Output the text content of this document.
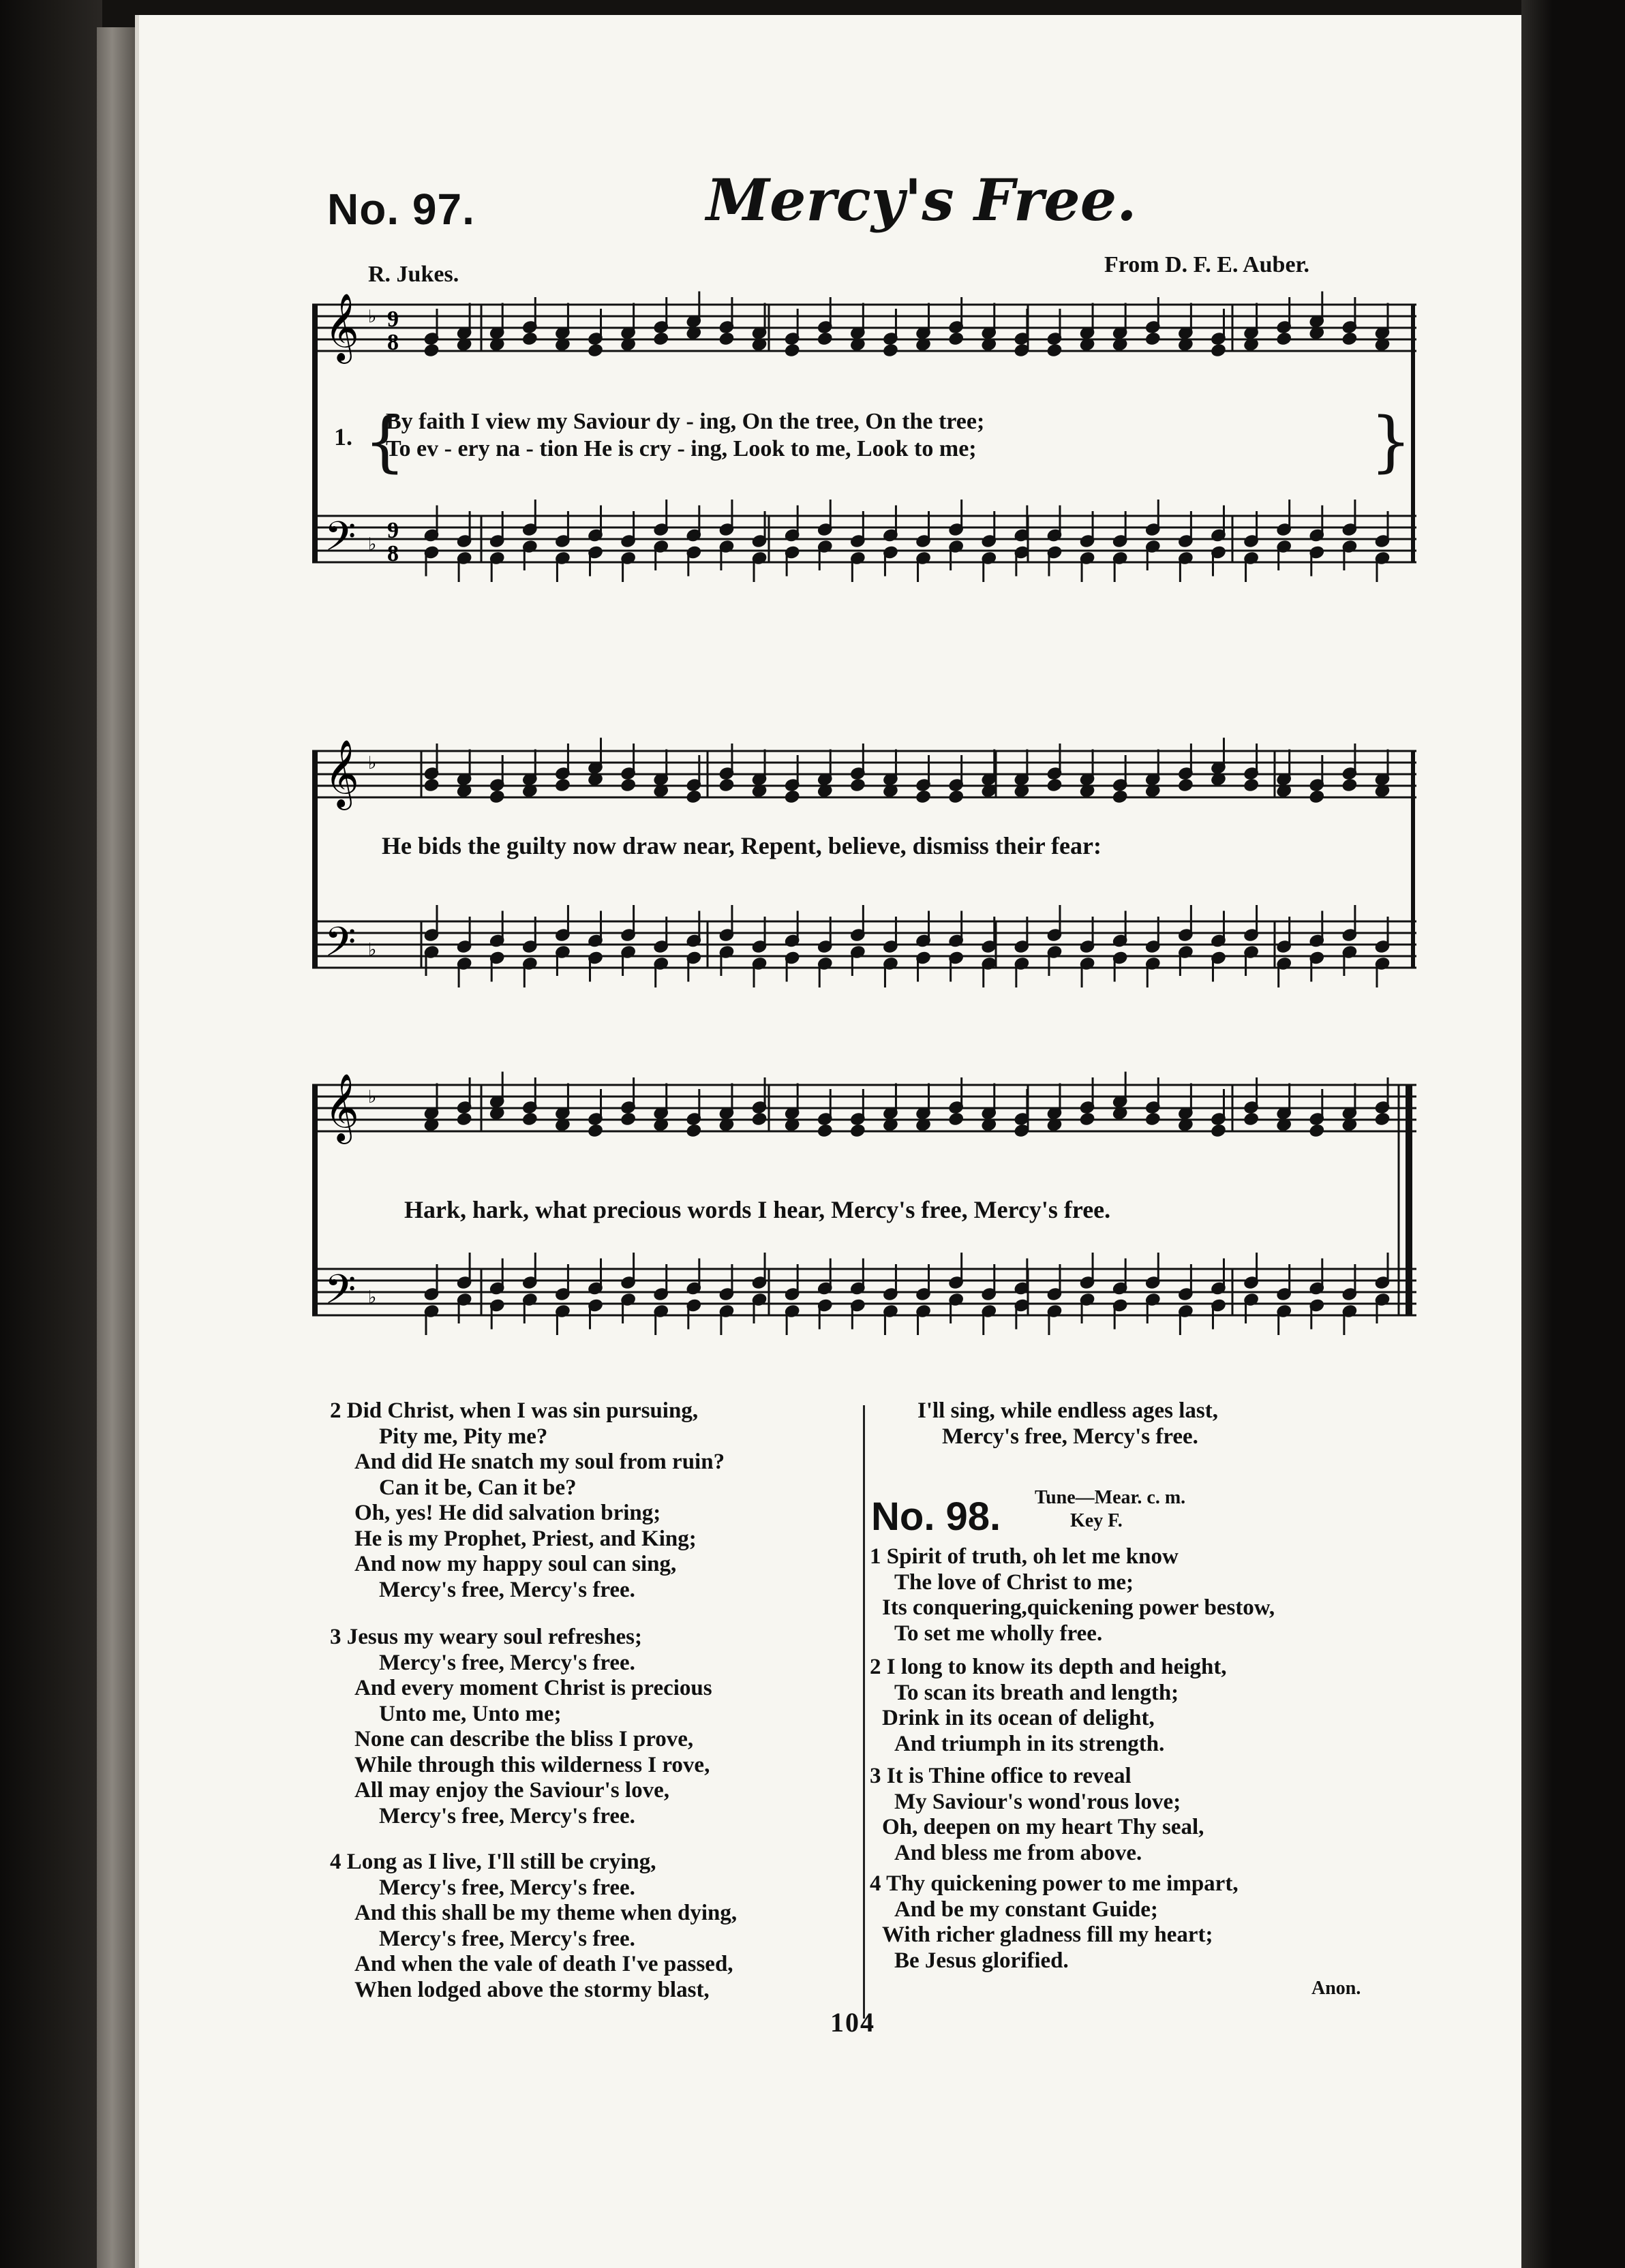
No. 97.	Mercy's Free.
R. Jukes.	From D. F. E. Auber.
𝄞
𝄢
♭
♭
9
8
9
8
1. {
By faith I view my Saviour dy - ing, On the tree, On the tree;
To ev - ery na - tion He is cry - ing, Look to me, Look to me;	}
𝄞
𝄢
♭
♭
He bids the guilty now draw near, Repent, believe, dismiss their fear:
𝄞
𝄢
♭
♭
Hark, hark, what precious words I hear, Mercy's free, Mercy's free.
2 Did Christ, when I was sin pursuing,
Pity me, Pity me?
And did He snatch my soul from ruin?
Can it be, Can it be?
Oh, yes! He did salvation bring;
He is my Prophet, Priest, and King;
And now my happy soul can sing,
Mercy's free, Mercy's free.
3 Jesus my weary soul refreshes;
Mercy's free, Mercy's free.
And every moment Christ is precious
Unto me, Unto me;
None can describe the bliss I prove,
While through this wilderness I rove,
All may enjoy the Saviour's love,
Mercy's free, Mercy's free.
4 Long as I live, I'll still be crying,
Mercy's free, Mercy's free.
And this shall be my theme when dying,
Mercy's free, Mercy's free.
And when the vale of death I've passed,
When lodged above the stormy blast,
I'll sing, while endless ages last,
Mercy's free, Mercy's free.
Tune—Mear. c. m.
Key F.
No. 98.
1 Spirit of truth, oh let me know
The love of Christ to me;
Its conquering,quickening power bestow,
To set me wholly free.
2 I long to know its depth and height,
To scan its breath and length;
Drink in its ocean of delight,
And triumph in its strength.
3 It is Thine office to reveal
My Saviour's wond'rous love;
Oh, deepen on my heart Thy seal,
And bless me from above.
4 Thy quickening power to me impart,
And be my constant Guide;
With richer gladness fill my heart;
Be Jesus glorified.
Anon.
104
